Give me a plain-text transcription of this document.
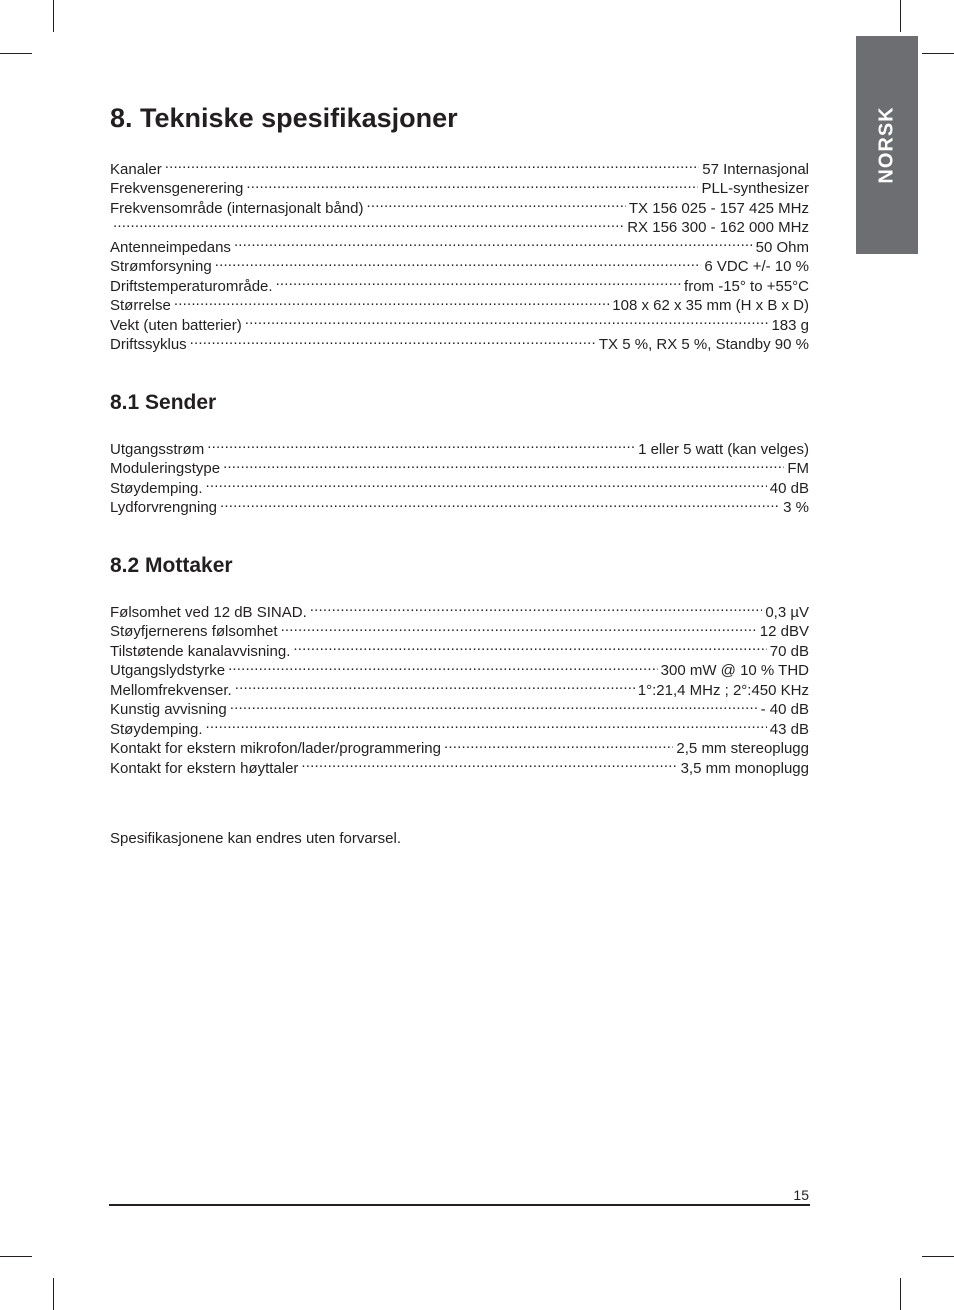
NORSK
8. Tekniske spesifikasjoner
Kanaler .....	57 Internasjonal
Frekvensgenerering .....	PLL-synthesizer
Frekvensområde (internasjonalt bånd) .....	TX 156 025 - 157 425 MHz
.....
RX 156 300 - 162 000 MHz
Antenneimpedans .....	50 Ohm
Strømforsyning .....	6 VDC +/- 10 %
Driftstemperaturområde. .....	from -15° to +55°C
Størrelse .....	108 x 62 x 35 mm (H x B x D)
Vekt (uten batterier) .....	183 g
Driftssyklus .....	TX 5 %, RX 5 %, Standby 90 %
8.1 Sender
Utgangsstrøm .....	1 eller 5 watt (kan velges)
Moduleringstype .....	FM
Støydemping. .....	40 dB
Lydforvrengning .....	3 %
8.2 Mottaker
Følsomhet ved 12 dB SINAD. .....	0,3 µV
Støyfjernerens følsomhet .....	12 dBV
Tilstøtende kanalavvisning. .....	70 dB
Utgangslydstyrke .....	300 mW @ 10 % THD
Mellomfrekvenser. .....	1°:21,4 MHz ; 2°:450 KHz
Kunstig avvisning .....	- 40 dB
Støydemping. .....	43 dB
Kontakt for ekstern mikrofon/lader/programmering .....	2,5 mm stereoplugg
Kontakt for ekstern høyttaler .....	3,5 mm monoplugg
Spesifikasjonene kan endres uten forvarsel.
15
